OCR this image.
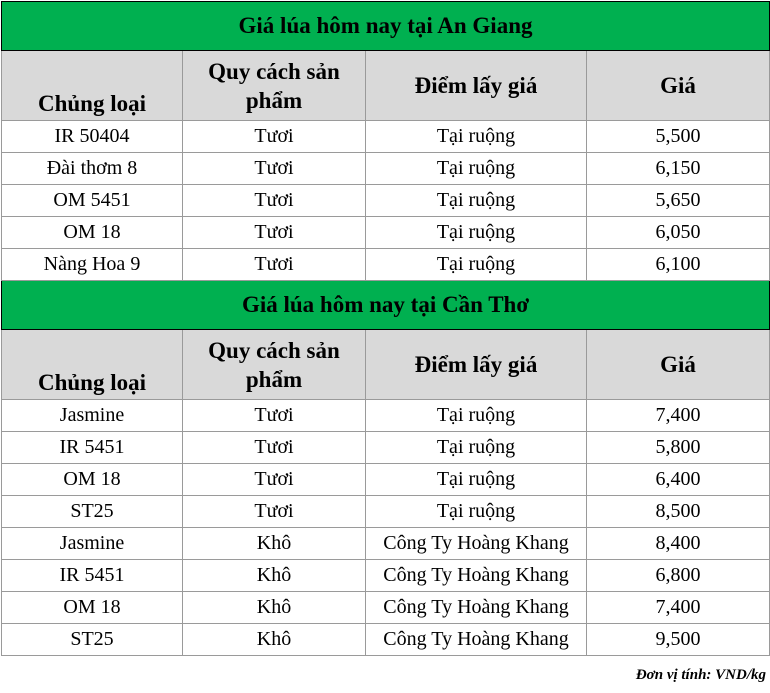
Giá lúa hôm nay tại An Giang			
Chủng loại	Quy cách sản phẩm	Điểm lấy giá	Giá
IR 50404	Tươi	Tại ruộng	5,500
Đài thơm 8	Tươi	Tại ruộng	6,150
OM 5451	Tươi	Tại ruộng	5,650
OM 18	Tươi	Tại ruộng	6,050
Nàng Hoa 9	Tươi	Tại ruộng	6,100
Giá lúa hôm nay tại Cần Thơ			
Chủng loại	Quy cách sản phẩm	Điểm lấy giá	Giá
Jasmine	Tươi	Tại ruộng	7,400
IR 5451	Tươi	Tại ruộng	5,800
OM 18	Tươi	Tại ruộng	6,400
ST25	Tươi	Tại ruộng	8,500
Jasmine	Khô	Công Ty Hoàng Khang	8,400
IR 5451	Khô	Công Ty Hoàng Khang	6,800
OM 18	Khô	Công Ty Hoàng Khang	7,400
ST25	Khô	Công Ty Hoàng Khang	9,500
Đơn vị tính: VND/kg
